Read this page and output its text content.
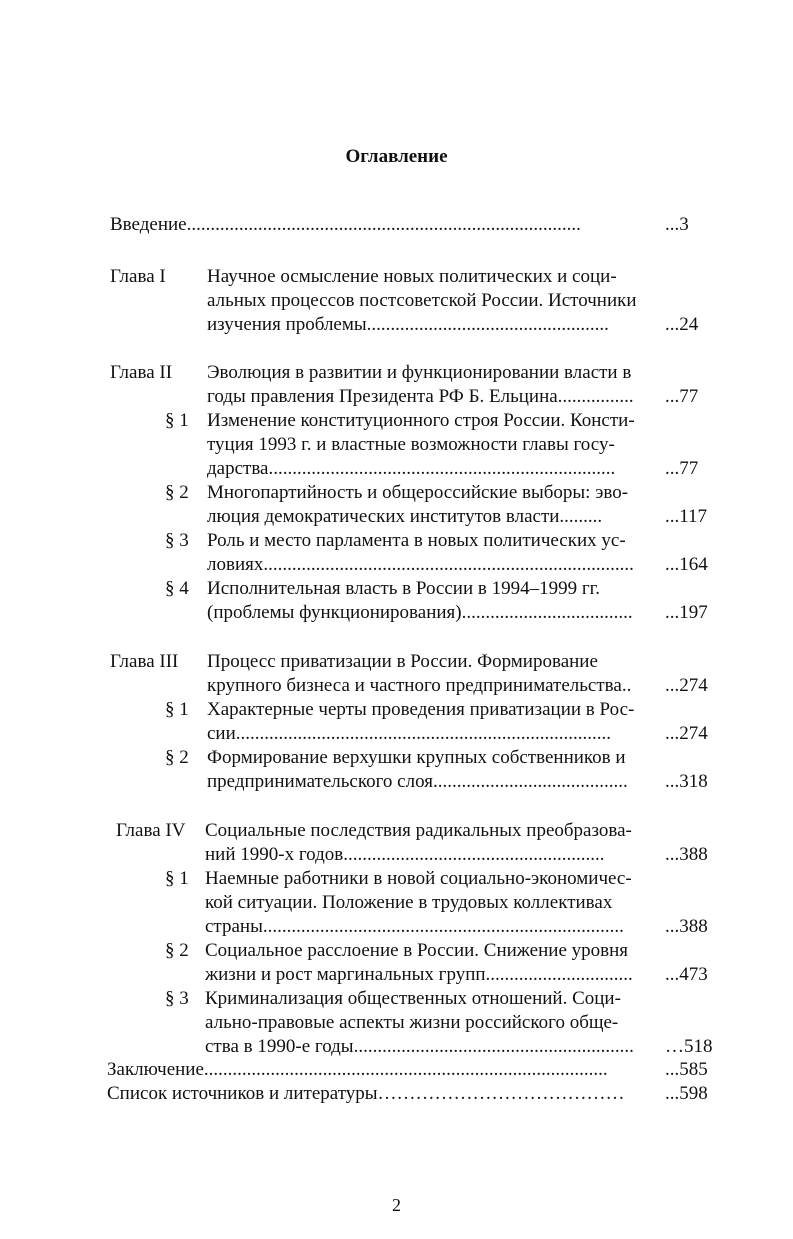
Оглавление
Введение...................................................................................	...3
Глава I Научное осмысление новых политических и соци-
альных процессов постсоветской России. Источники
изучения проблемы...................................................	...24
Глава II Эволюция в развитии и функционировании власти в
годы правления Президента РФ Б. Ельцина................ ...77
§ 1 Изменение конституционного строя России. Консти-
туция 1993 г. и властные возможности главы госу-
дарства.........................................................................	...77
§ 2 Многопартийность и общероссийские выборы: эво-
люция демократических институтов власти.........	...117
§ 3 Роль и место парламента в новых политических ус-
ловиях.............................................................................. ...164
§ 4 Исполнительная власть в России в 1994–1999 гг.
(проблемы функционирования).................................... ...197
Глава III Процесс приватизации в России. Формирование
крупного бизнеса и частного предпринимательства.. ...274
§ 1 Характерные черты проведения приватизации в Рос-
сии...............................................................................	...274
§ 2 Формирование верхушки крупных собственников и
предпринимательского слоя......................................... ...318
Глава IV Социальные последствия радикальных преобразова-
ний 1990-х годов.......................................................	...388
§ 1 Наемные работники в новой социально-экономичес-
кой ситуации. Положение в трудовых коллективах
страны............................................................................ ...388
§ 2 Социальное расслоение в России. Снижение уровня
жизни и рост маргинальных групп............................... ...473
§ 3 Криминализация общественных отношений. Соци-
ально-правовые аспекты жизни российского обще-
ства в 1990-е годы........................................................... …518
Заключение.....................................................................................	...585
Список источников и литературы………………………………… ...598
2
